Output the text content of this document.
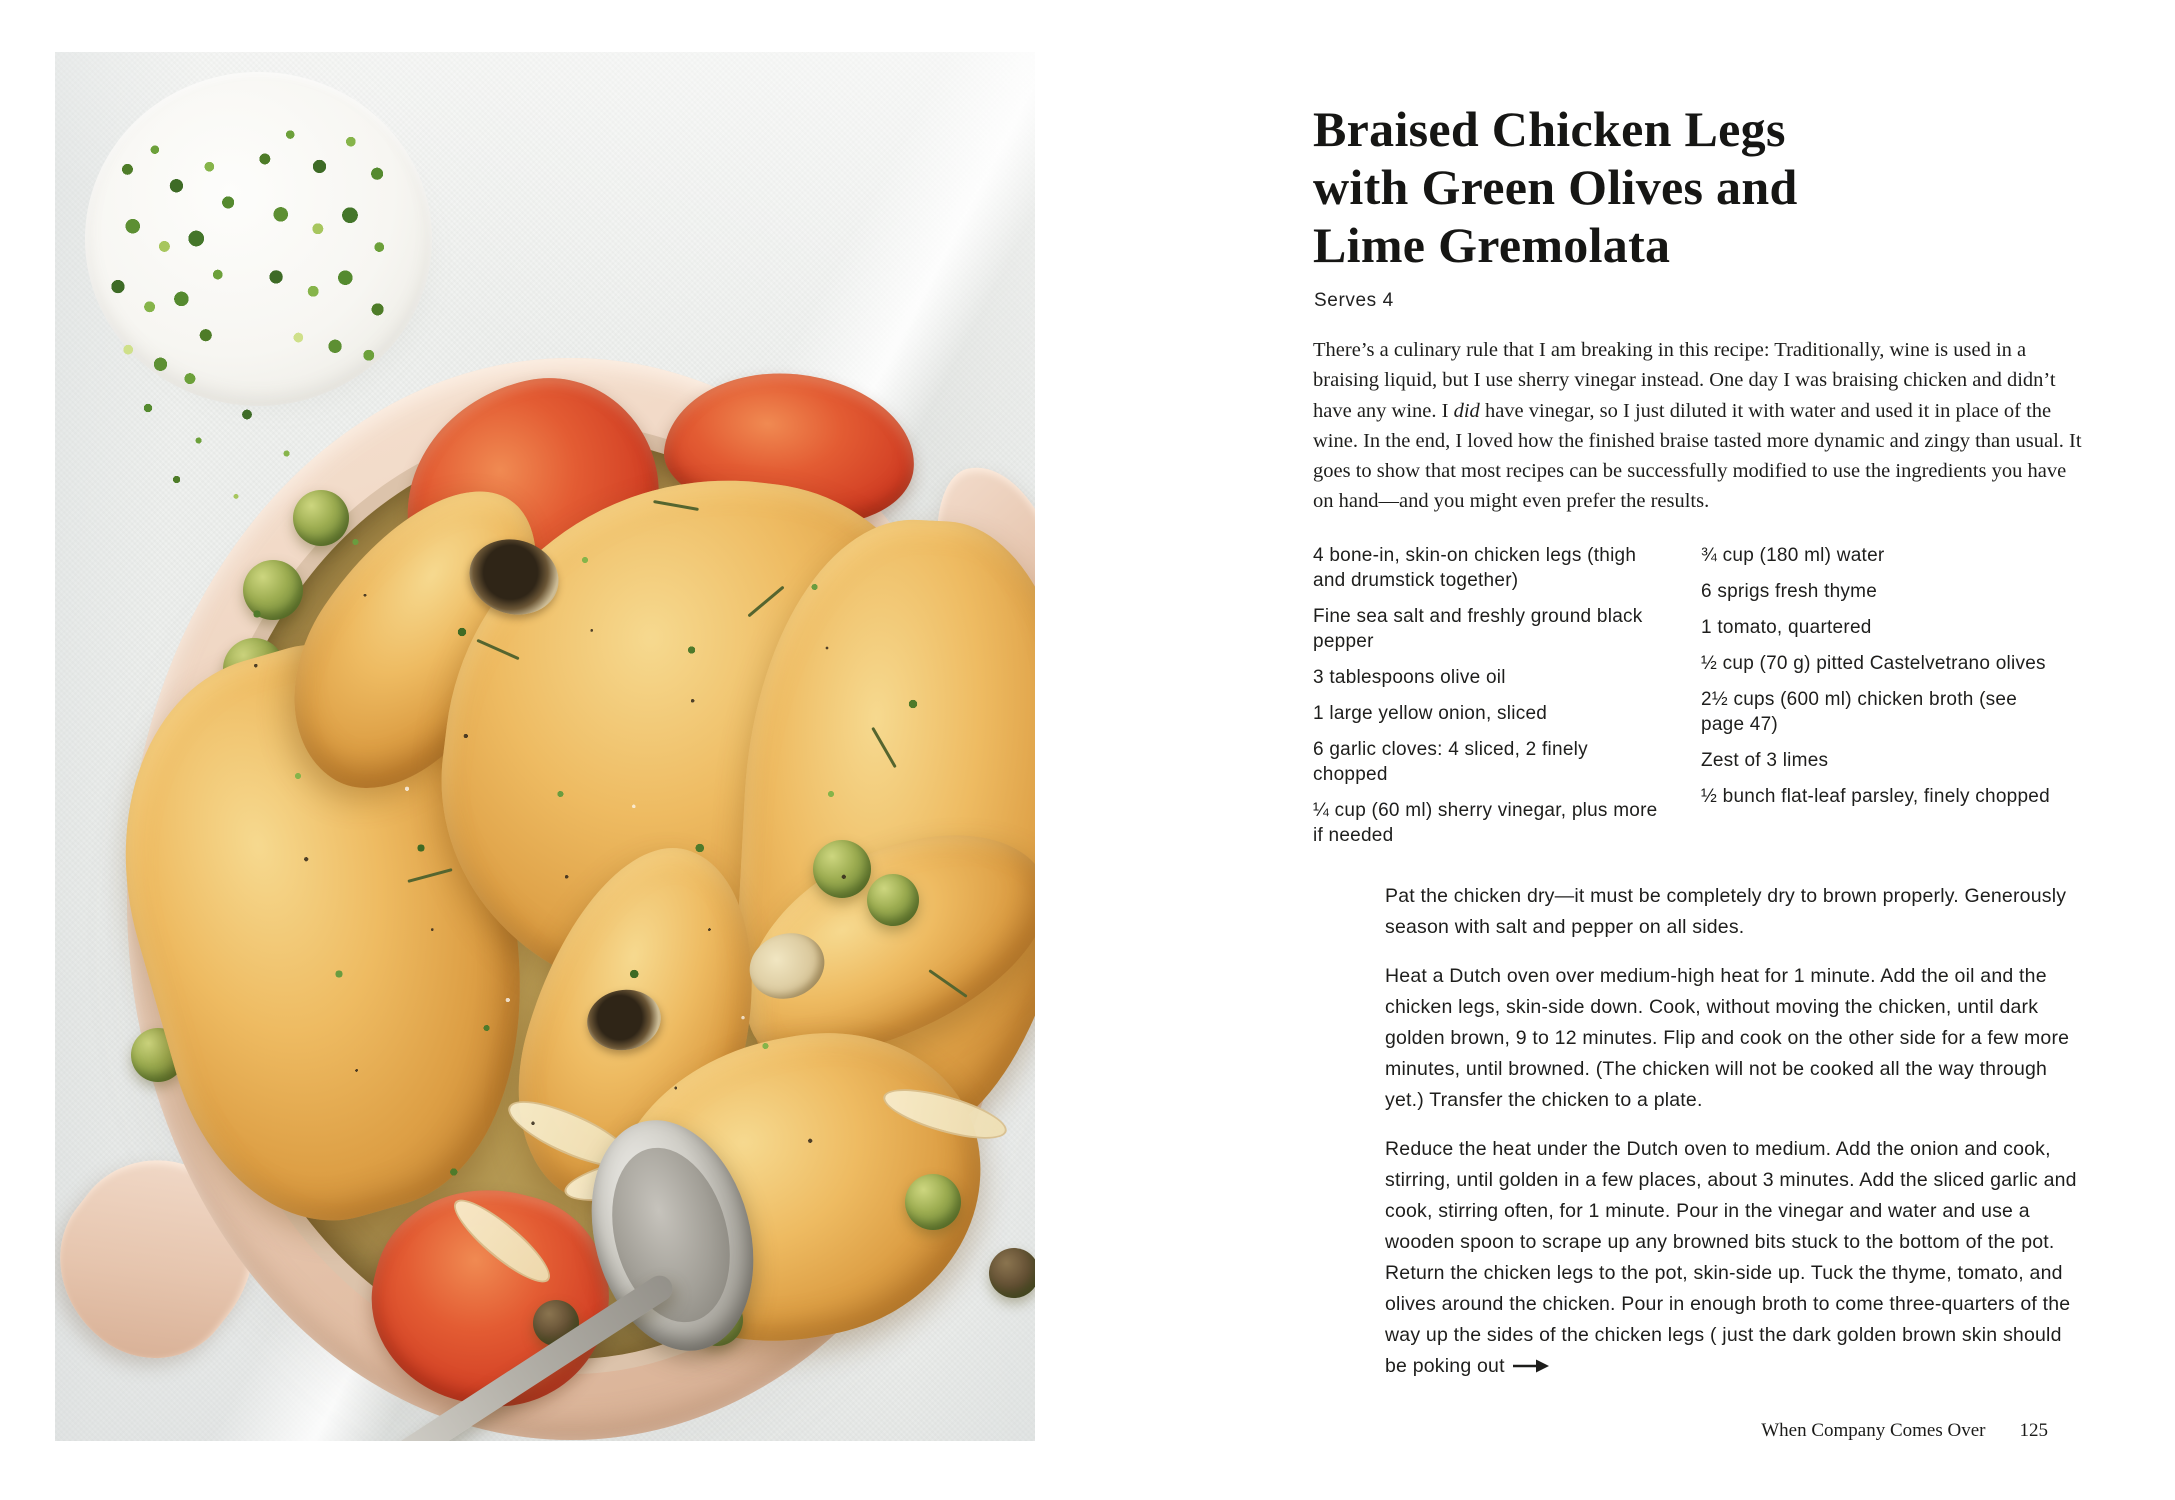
Braised Chicken Legs
with Green Olives and
Lime Gremolata

Serves 4

There’s a culinary rule that I am breaking in this recipe: Traditionally, wine is used in a braising liquid, but I use sherry vinegar instead. One day I was braising chicken and didn’t have any wine. I did have vinegar, so I just diluted it with water and used it in place of the wine. In the end, I loved how the finished braise tasted more dynamic and zingy than usual. It goes to show that most recipes can be successfully modified to use the ingredients you have on hand—and you might even prefer the results.

4 bone-in, skin-on chicken legs (thigh and drumstick together)

Fine sea salt and freshly ground black pepper

3 tablespoons olive oil

1 large yellow onion, sliced

6 garlic cloves: 4 sliced, 2 finely chopped

¼ cup (60 ml) sherry vinegar, plus more if needed

¾ cup (180 ml) water

6 sprigs fresh thyme

1 tomato, quartered

½ cup (70 g) pitted Castelvetrano olives

2½ cups (600 ml) chicken broth (see page 47)

Zest of 3 limes

½ bunch flat-leaf parsley, finely chopped

Pat the chicken dry—it must be completely dry to brown properly. Generously season with salt and pepper on all sides.

Heat a Dutch oven over medium-high heat for 1 minute. Add the oil and the chicken legs, skin-side down. Cook, without moving the chicken, until dark golden brown, 9 to 12 minutes. Flip and cook on the other side for a few more minutes, until browned. (The chicken will not be cooked all the way through yet.) Transfer the chicken to a plate.

Reduce the heat under the Dutch oven to medium. Add the onion and cook, stirring, until golden in a few places, about 3 minutes. Add the sliced garlic and cook, stirring often, for 1 minute. Pour in the vinegar and water and use a wooden spoon to scrape up any browned bits stuck to the bottom of the pot. Return the chicken legs to the pot, skin-side up. Tuck the thyme, tomato, and olives around the chicken. Pour in enough broth to come three-quarters of the way up the sides of the chicken legs ( just the dark golden brown skin should be poking out

When Company Comes Over 125
